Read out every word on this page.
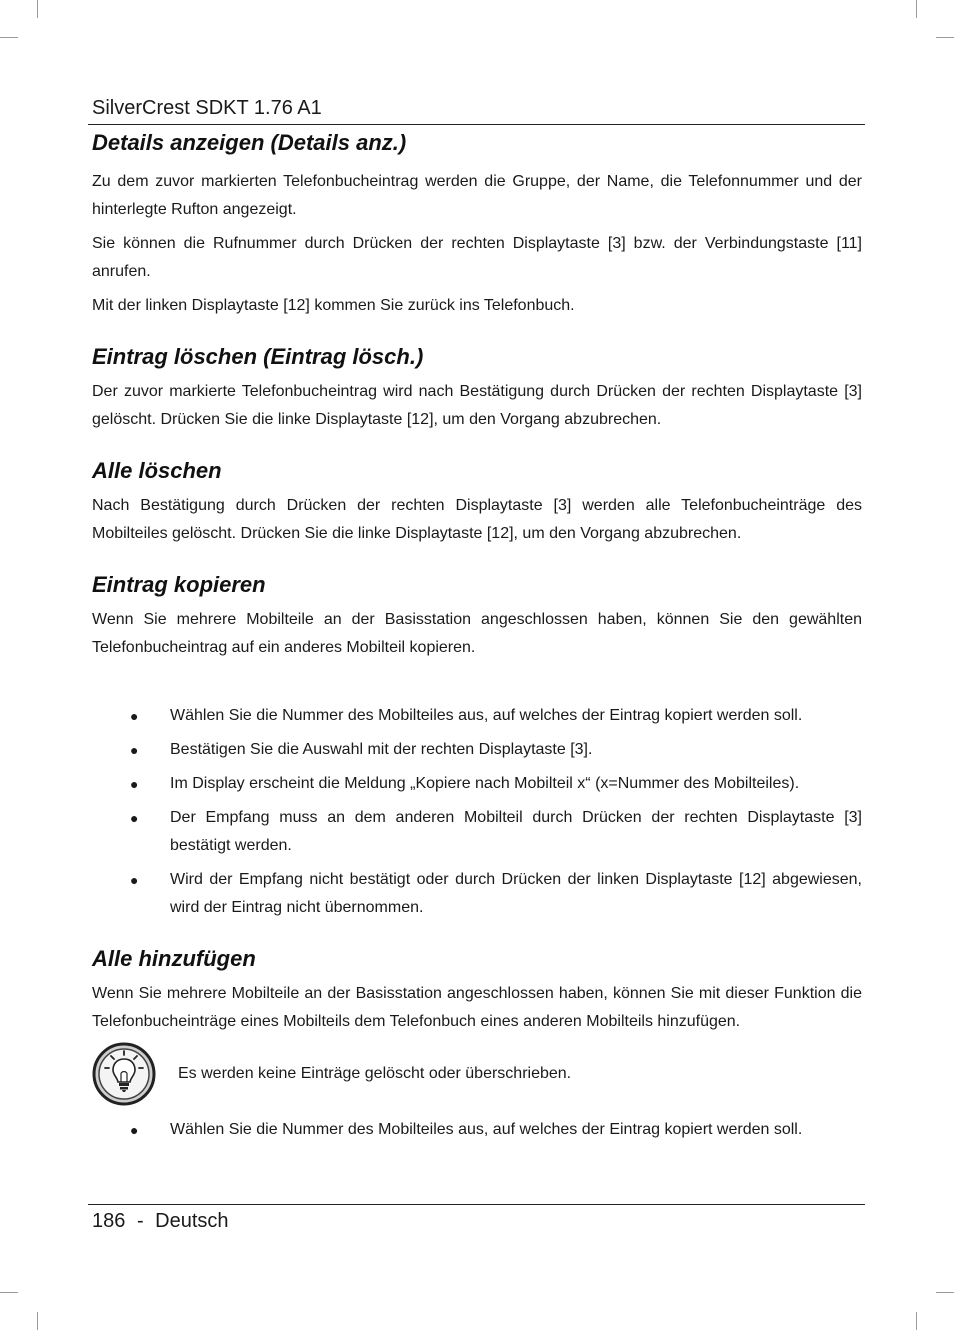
SilverCrest SDKT 1.76 A1
Details anzeigen (Details anz.)

Zu dem zuvor markierten Telefonbucheintrag werden die Gruppe, der Name, die Telefonnummer und der hinterlegte Rufton angezeigt.

Sie können die Rufnummer durch Drücken der rechten Displaytaste [3] bzw. der Verbindungstaste [11] anrufen.

Mit der linken Displaytaste [12] kommen Sie zurück ins Telefonbuch.

Eintrag löschen (Eintrag lösch.)

Der zuvor markierte Telefonbucheintrag wird nach Bestätigung durch Drücken der rechten Displaytaste [3] gelöscht. Drücken Sie die linke Displaytaste [12], um den Vorgang abzubrechen.

Alle löschen

Nach Bestätigung durch Drücken der rechten Displaytaste [3] werden alle Telefonbucheinträge des Mobilteiles gelöscht. Drücken Sie die linke Displaytaste [12], um den Vorgang abzubrechen.

Eintrag kopieren

Wenn Sie mehrere Mobilteile an der Basisstation angeschlossen haben, können Sie den gewählten Telefonbucheintrag auf ein anderes Mobilteil kopieren.

● Wählen Sie die Nummer des Mobilteiles aus, auf welches der Eintrag kopiert werden soll.
● Bestätigen Sie die Auswahl mit der rechten Displaytaste [3].
● Im Display erscheint die Meldung „Kopiere nach Mobilteil x“ (x=Nummer des Mobilteiles).
● Der Empfang muss an dem anderen Mobilteil durch Drücken der rechten Displaytaste [3] bestätigt werden.
● Wird der Empfang nicht bestätigt oder durch Drücken der linken Displaytaste [12] abgewiesen, wird der Eintrag nicht übernommen.
Alle hinzufügen

Wenn Sie mehrere Mobilteile an der Basisstation angeschlossen haben, können Sie mit dieser Funktion die Telefonbucheinträge eines Mobilteils dem Telefonbuch eines anderen Mobilteils hinzufügen.

Es werden keine Einträge gelöscht oder überschrieben.
● Wählen Sie die Nummer des Mobilteiles aus, auf welches der Eintrag kopiert werden soll.
186 - Deutsch
